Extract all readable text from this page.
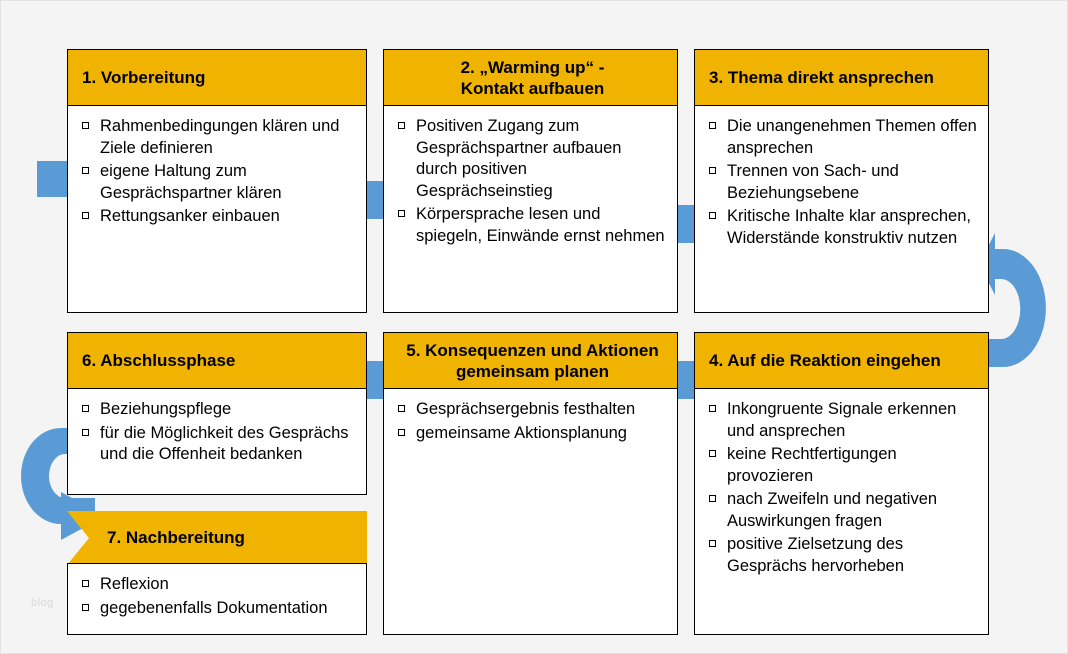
1. Vorbereitung
Rahmenbedingungen klären und Ziele definieren
eigene Haltung zum Gesprächspartner klären
Rettungsanker einbauen
2. „Warming up“ -
Kontakt aufbauen
Positiven Zugang zum Gesprächspartner aufbauen durch positiven Gesprächseinstieg
Körpersprache lesen und spiegeln, Einwände ernst nehmen
3. Thema direkt ansprechen
Die unangenehmen Themen offen ansprechen
Trennen von Sach- und Beziehungsebene
Kritische Inhalte klar ansprechen, Widerstände konstruktiv nutzen
6. Abschlussphase
Beziehungspflege
für die Möglichkeit des Gesprächs und die Offenheit bedanken
5. Konsequenzen und Aktionen
gemeinsam planen
Gesprächsergebnis festhalten
gemeinsame Aktionsplanung
4. Auf die Reaktion eingehen
Inkongruente Signale erkennen und ansprechen
keine Rechtfertigungen provozieren
nach Zweifeln und negativen Auswirkungen fragen
positive Zielsetzung des Gesprächs hervorheben
7. Nachbereitung
Reflexion
gegebenenfalls Dokumentation
blog
